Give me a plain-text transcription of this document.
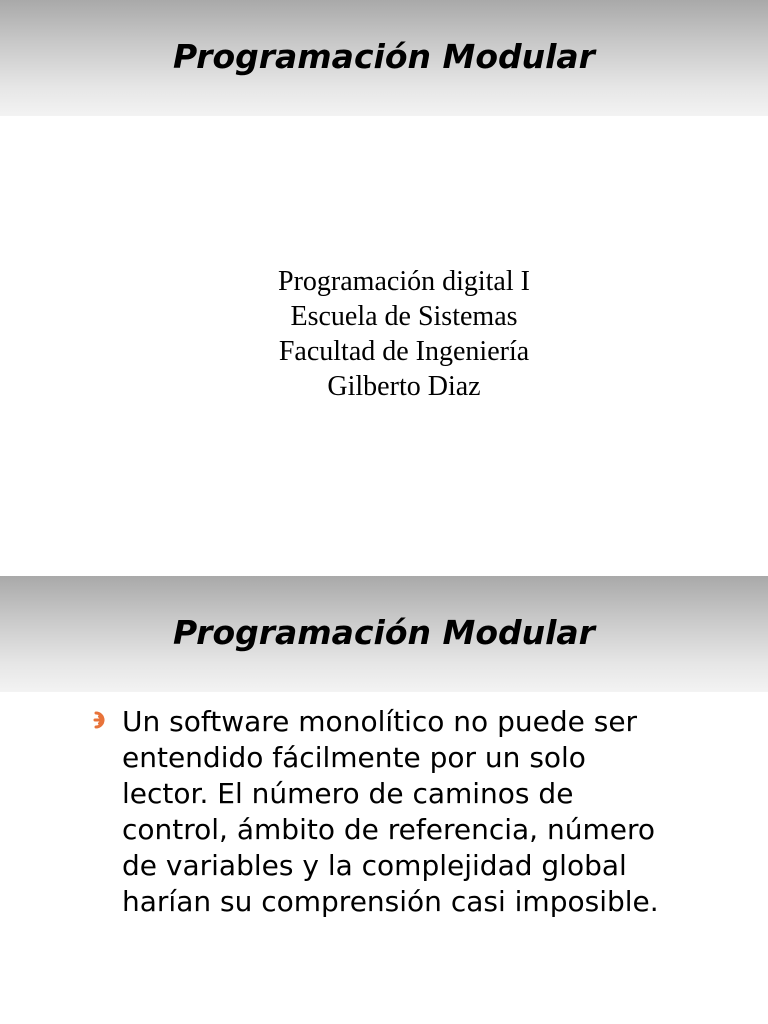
Programación Modular
Programación digital I
Escuela de Sistemas
Facultad de Ingeniería
Gilberto Diaz
Programación Modular
Un software monolítico no puede ser
entendido fácilmente por un solo
lector. El número de caminos de
control, ámbito de referencia, número
de variables y la complejidad global
harían su comprensión casi imposible.
